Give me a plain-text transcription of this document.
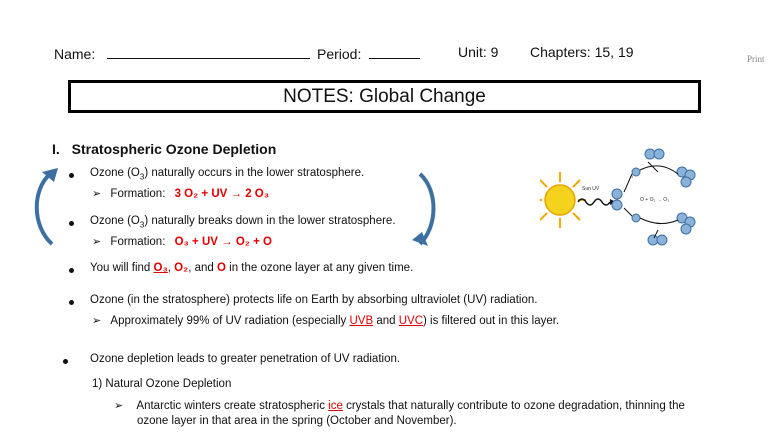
Name:	Period:	Unit: 9 Chapters: 15, 19	Print
NOTES: Global Change
I. Stratospheric Ozone Depletion
Ozone $(O_3)$ naturally occurs in the lower stratosphere.
➢ Formation: 3 O₂ + UV → 2 O₃
Ozone $(O_3)$ naturally breaks down in the lower stratosphere.
➢ Formation: O₃ + UV → O₂ + O
You will find O₃, O₂, and O in the ozone layer at any given time.
Ozone (in the stratosphere) protects life on Earth by absorbing ultraviolet (UV) radiation.
➢ Approximately 99% of UV radiation (especially UVB and UVC) is filtered out in this layer.
Ozone depletion leads to greater penetration of UV radiation.
1) Natural Ozone Depletion
➢ Antarctic winters create stratospheric ice crystals that naturally contribute to ozone degradation, thinning the
ozone layer in that area in the spring (October and November).
Sun UV
O + O₂ → O₃
O
